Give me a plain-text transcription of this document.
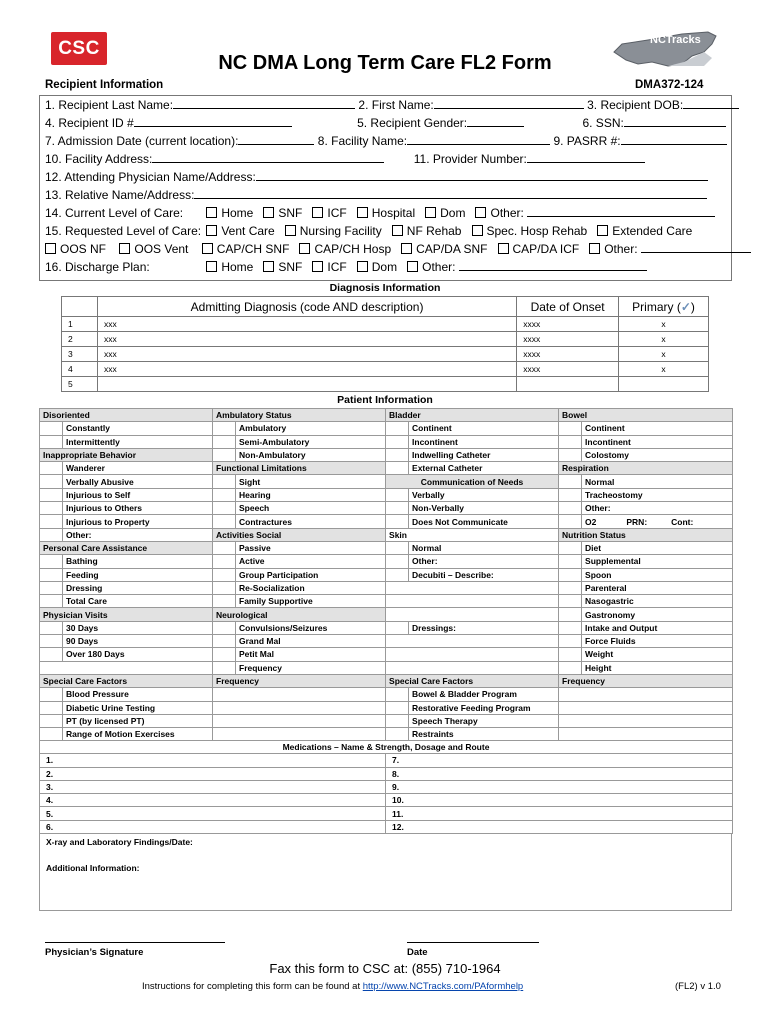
CSC	NCTracks
NC DMA Long Term Care FL2 Form
Recipient Information	DMA372-124
1. Recipient Last Name:	2. First Name:	3. Recipient DOB:
4. Recipient ID #	5. Recipient Gender:	6. SSN:
7. Admission Date (current location):	8. Facility Name:	9. PASRR #:
10. Facility Address:	11. Provider Number:
12. Attending Physician Name/Address:
13. Relative Name/Address:
14. Current Level of Care:	Home SNF ICF Hospital Dom Other:
15. Requested Level of Care: Vent Care Nursing Facility NF Rehab Spec. Hosp Rehab Extended Care
OOS NF OOS Vent CAP/CH SNF CAP/CH Hosp CAP/DA SNF CAP/DA ICF Other:
16. Discharge Plan:	Home SNF ICF Dom Other:
Diagnosis Information
	Admitting Diagnosis (code AND description)	Date of Onset	Primary (✓)
1	xxx	xxxx	x
2	xxx	xxxx	x
3	xxx	xxxx	x
4	xxx	xxxx	x
5			
Patient Information
Disoriented		Ambulatory Status		Bladder		Bowel	
	Constantly		Ambulatory		Continent		Continent
	Intermittently		Semi-Ambulatory		Incontinent		Incontinent
Inappropriate Behavior			Non-Ambulatory		Indwelling Catheter		Colostomy
	Wanderer	Functional Limitations			External Catheter	Respiration	
	Verbally Abusive		Sight	Communication of Needs			Normal
	Injurious to Self		Hearing		Verbally		Tracheostomy
	Injurious to Others		Speech		Non-Verbally		Other:
	Injurious to Property		Contractures		Does Not Communicate		O2 PRN: Cont:
	Other:	Activities Social		Skin		Nutrition Status	
Personal Care Assistance			Passive		Normal		Diet
	Bathing		Active		Other:		Supplemental
	Feeding		Group Participation		Decubiti – Describe:		Spoon
	Dressing		Re-Socialization				Parenteral
	Total Care		Family Supportive				Nasogastric
Physician Visits		Neurological					Gastronomy
	30 Days		Convulsions/Seizures		Dressings:		Intake and Output
	90 Days		Grand Mal				Force Fluids
	Over 180 Days		Petit Mal				Weight
			Frequency				Height
Special Care Factors		Frequency		Special Care Factors		Frequency	
	Blood Pressure				Bowel & Bladder Program		
	Diabetic Urine Testing				Restorative Feeding Program		
	PT (by licensed PT)				Speech Therapy		
	Range of Motion Exercises				Restraints		
Medications – Name & Strength, Dosage and Route	
1.	7.
2.	8.
3.	9.
4.	10.
5.	11.
6.	12.
X-ray and Laboratory Findings/Date:
Additional Information:
Physician’s Signature	Date
Fax this form to CSC at: (855) 710-1964
Instructions for completing this form can be found at http://www.NCTracks.com/PAformhelp	(FL2) v 1.0
